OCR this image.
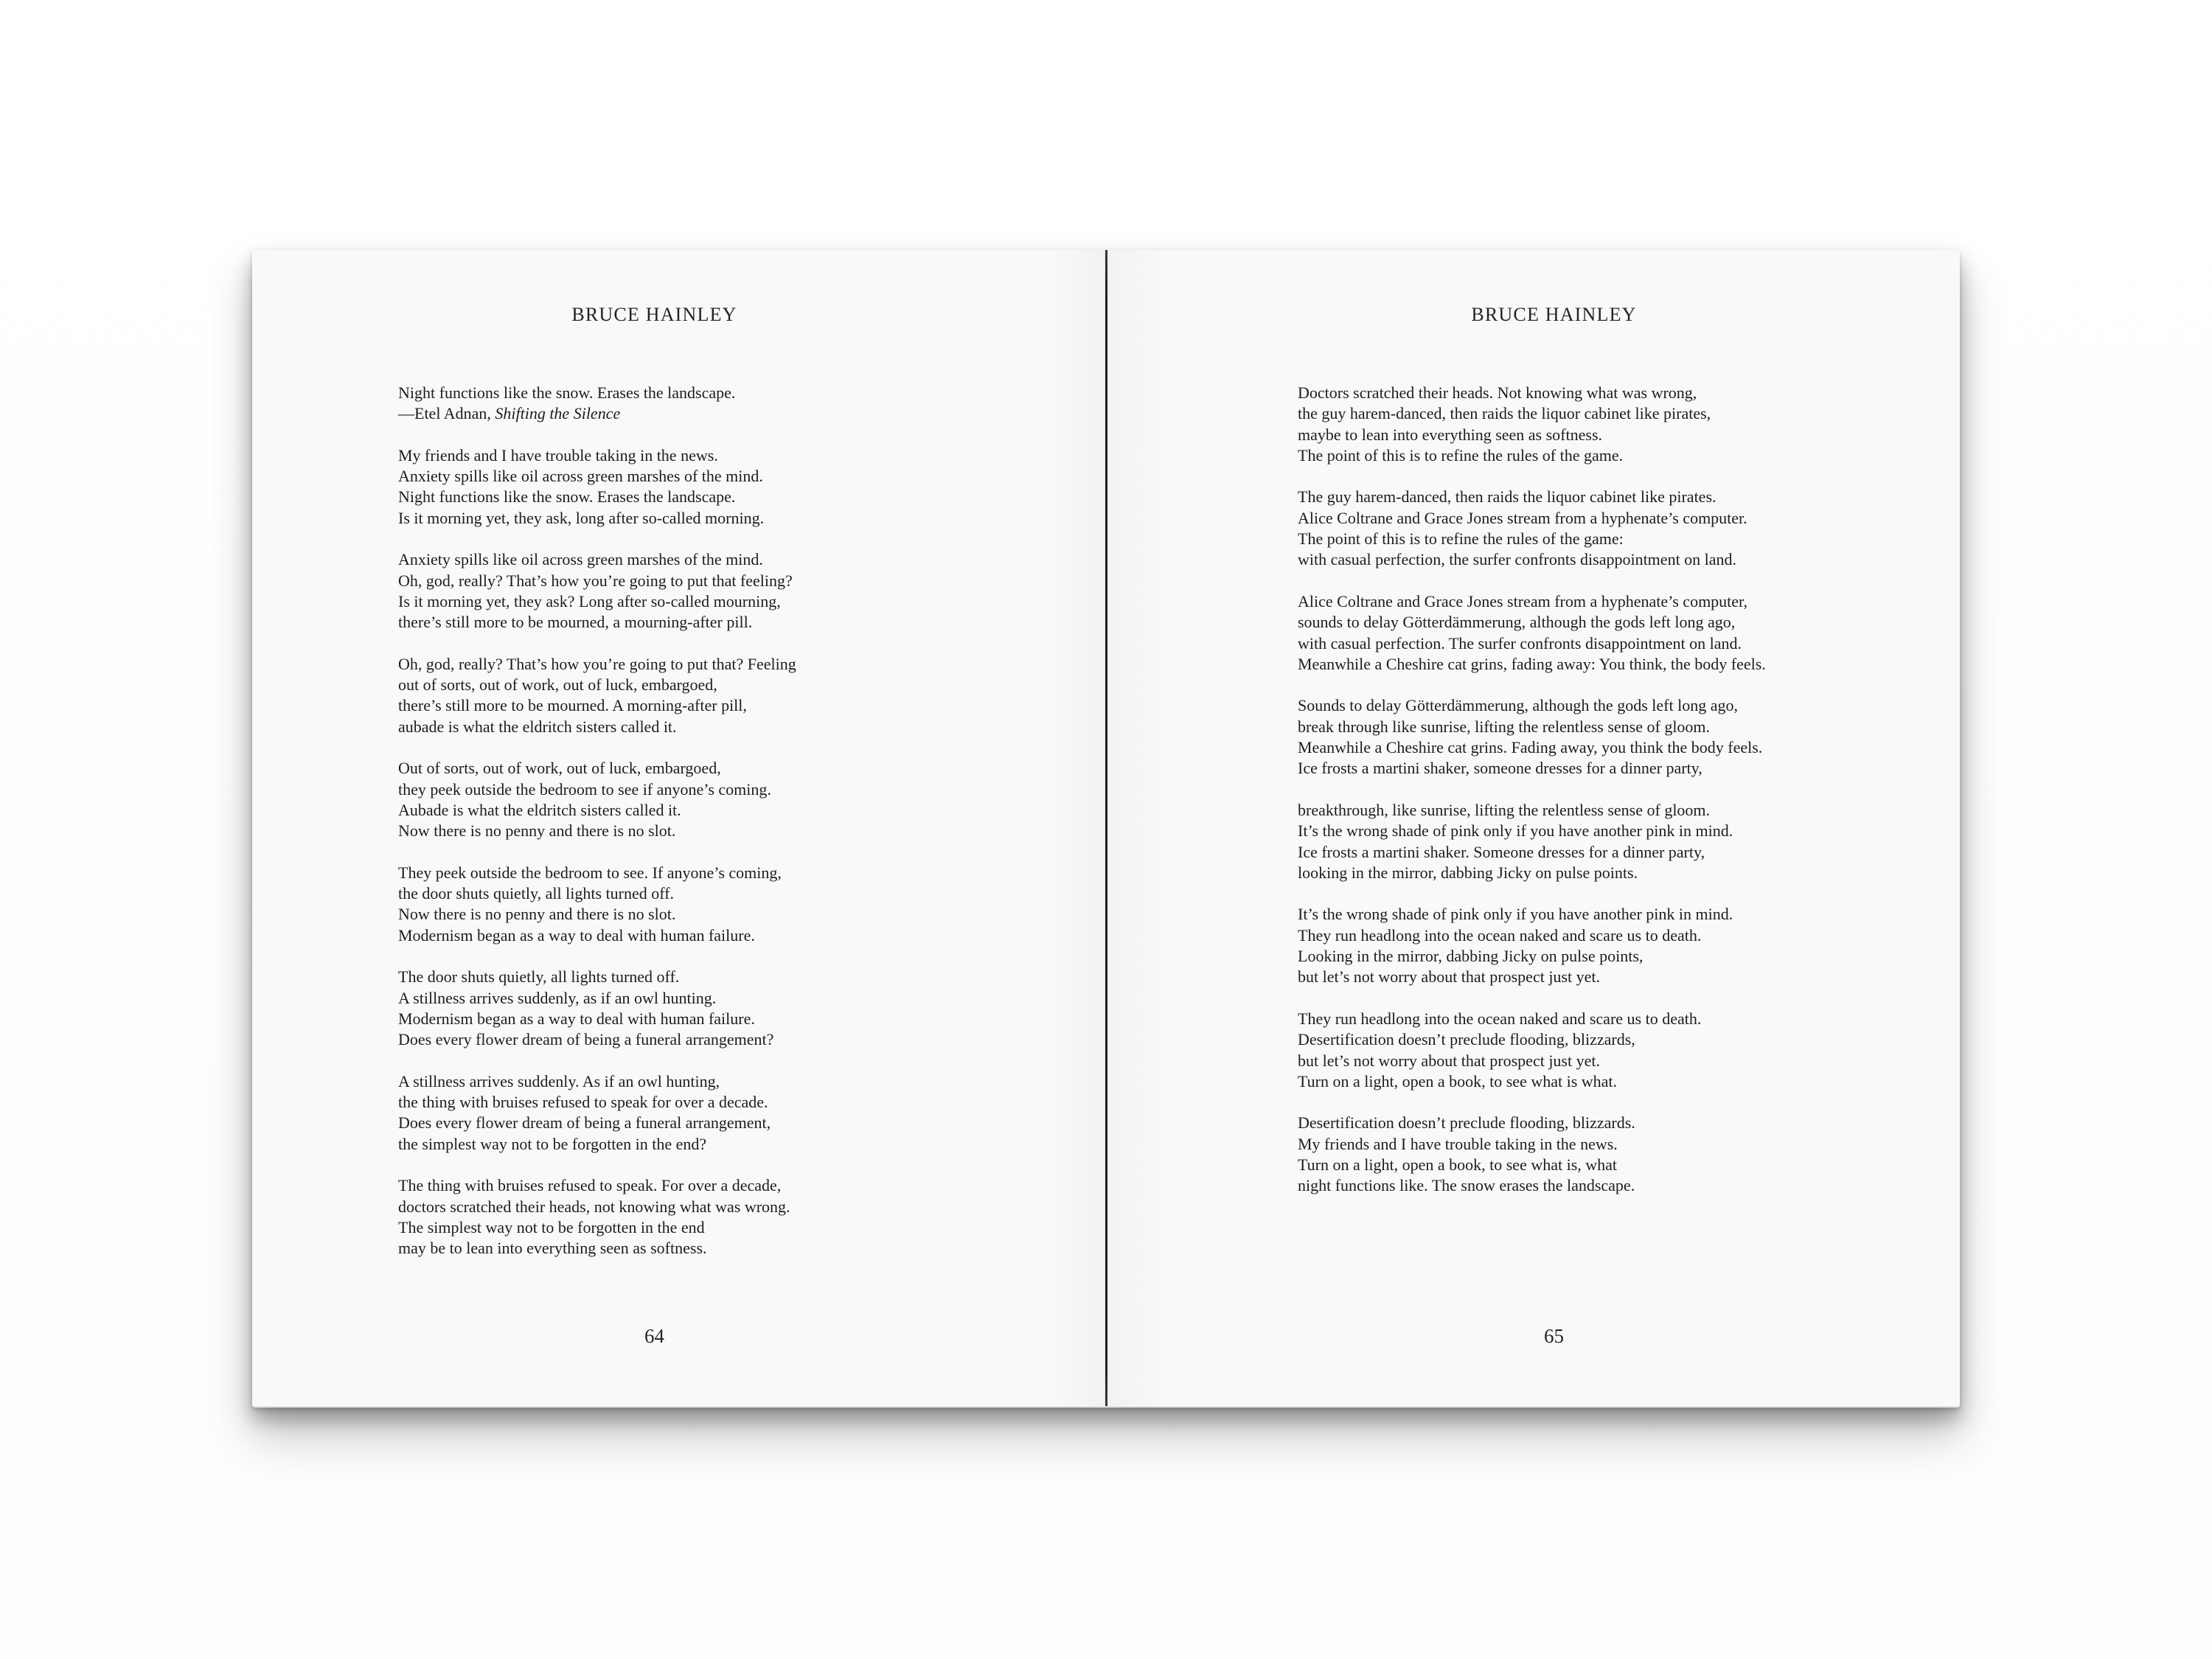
BRUCE HAINLEY

Night functions like the snow. Erases the landscape.
—Etel Adnan, Shifting the Silence

My friends and I have trouble taking in the news.
Anxiety spills like oil across green marshes of the mind.
Night functions like the snow. Erases the landscape.
Is it morning yet, they ask, long after so-called morning.

Anxiety spills like oil across green marshes of the mind.
Oh, god, really? That’s how you’re going to put that feeling?
Is it morning yet, they ask? Long after so-called mourning,
there’s still more to be mourned, a mourning-after pill.

Oh, god, really? That’s how you’re going to put that? Feeling
out of sorts, out of work, out of luck, embargoed,
there’s still more to be mourned. A morning-after pill,
aubade is what the eldritch sisters called it.

Out of sorts, out of work, out of luck, embargoed,
they peek outside the bedroom to see if anyone’s coming.
Aubade is what the eldritch sisters called it.
Now there is no penny and there is no slot.

They peek outside the bedroom to see. If anyone’s coming,
the door shuts quietly, all lights turned off.
Now there is no penny and there is no slot.
Modernism began as a way to deal with human failure.

The door shuts quietly, all lights turned off.
A stillness arrives suddenly, as if an owl hunting.
Modernism began as a way to deal with human failure.
Does every flower dream of being a funeral arrangement?

A stillness arrives suddenly. As if an owl hunting,
the thing with bruises refused to speak for over a decade.
Does every flower dream of being a funeral arrangement,
the simplest way not to be forgotten in the end?

The thing with bruises refused to speak. For over a decade,
doctors scratched their heads, not knowing what was wrong.
The simplest way not to be forgotten in the end
may be to lean into everything seen as softness.

64
BRUCE HAINLEY

Doctors scratched their heads. Not knowing what was wrong,
the guy harem-danced, then raids the liquor cabinet like pirates,
maybe to lean into everything seen as softness.
The point of this is to refine the rules of the game.

The guy harem-danced, then raids the liquor cabinet like pirates.
Alice Coltrane and Grace Jones stream from a hyphenate’s computer.
The point of this is to refine the rules of the game:
with casual perfection, the surfer confronts disappointment on land.

Alice Coltrane and Grace Jones stream from a hyphenate’s computer,
sounds to delay Götterdämmerung, although the gods left long ago,
with casual perfection. The surfer confronts disappointment on land.
Meanwhile a Cheshire cat grins, fading away: You think, the body feels.

Sounds to delay Götterdämmerung, although the gods left long ago,
break through like sunrise, lifting the relentless sense of gloom.
Meanwhile a Cheshire cat grins. Fading away, you think the body feels.
Ice frosts a martini shaker, someone dresses for a dinner party,

breakthrough, like sunrise, lifting the relentless sense of gloom.
It’s the wrong shade of pink only if you have another pink in mind.
Ice frosts a martini shaker. Someone dresses for a dinner party,
looking in the mirror, dabbing Jicky on pulse points.

It’s the wrong shade of pink only if you have another pink in mind.
They run headlong into the ocean naked and scare us to death.
Looking in the mirror, dabbing Jicky on pulse points,
but let’s not worry about that prospect just yet.

They run headlong into the ocean naked and scare us to death.
Desertification doesn’t preclude flooding, blizzards,
but let’s not worry about that prospect just yet.
Turn on a light, open a book, to see what is what.

Desertification doesn’t preclude flooding, blizzards.
My friends and I have trouble taking in the news.
Turn on a light, open a book, to see what is, what
night functions like. The snow erases the landscape.

65
